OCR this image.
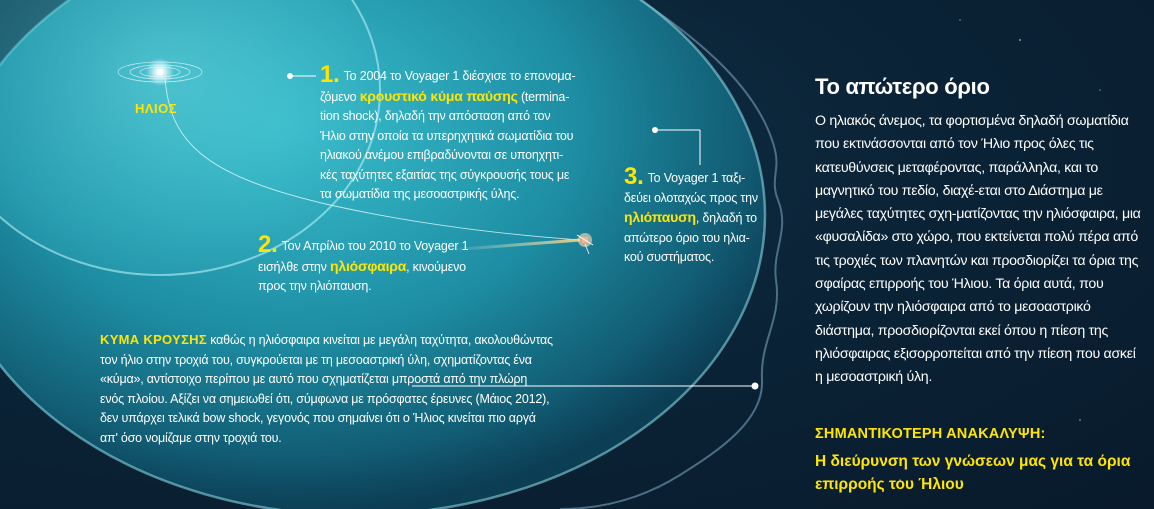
ΗΛΙΟΣ
1. Το 2004 το Voyager 1 διέσχισε το επονομα-
ζόμενο κρουστικό κύμα παύσης (termina-
tion shock), δηλαδή την απόσταση από τον
Ήλιο στην οποία τα υπερηχητικά σωματίδια του
ηλιακού ανέμου επιβραδύνονται σε υποηχητι-
κές ταχύτητες εξαιτίας της σύγκρουσής τους με
τα σωματίδια της μεσοαστρικής ύλης.
2. Τον Απρίλιο του 2010 το Voyager 1
εισήλθε στην ηλιόσφαιρα, κινούμενο
προς την ηλιόπαυση.
3. Το Voyager 1 ταξι-
δεύει ολοταχώς προς την
ηλιόπαυση, δηλαδή το
απώτερο όριο του ηλια-
κού συστήματος.
ΚΥΜΑ ΚΡΟΥΣΗΣ καθώς η ηλιόσφαιρα κινείται με μεγάλη ταχύτητα, ακολουθώντας
τον ήλιο στην τροχιά του, συγκρούεται με τη μεσοαστρική ύλη, σχηματίζοντας ένα
«κύμα», αντίστοιχο περίπου με αυτό που σχηματίζεται μπροστά από την πλώρη
ενός πλοίου. Αξίζει να σημειωθεί ότι, σύμφωνα με πρόσφατες έρευνες (Μάιος 2012),
δεν υπάρχει τελικά bow shock, γεγονός που σημαίνει ότι ο Ήλιος κινείται πιο αργά
απ' όσο νομίζαμε στην τροχιά του.
Το απώτερο όριο
Ο ηλιακός άνεμος, τα φορτισμένα δηλαδή σωματίδια που εκτινάσσονται από τον Ήλιο προς όλες τις κατευθύνσεις μεταφέροντας, παράλληλα, και το μαγνητικό του πεδίο, διαχέ-εται στο Διάστημα με μεγάλες ταχύτητες σχη-ματίζοντας την ηλιόσφαιρα, μια «φυσαλίδα» στο χώρο, που εκτείνεται πολύ πέρα από τις τροχιές των πλανητών και προσδιορίζει τα όρια της σφαίρας επιρροής του Ήλιου. Τα όρια αυτά, που χωρίζουν την ηλιόσφαιρα από το μεσοαστρικό διάστημα, προσδιορίζονται εκεί όπου η πίεση της ηλιόσφαιρας εξισορροπείται από την πίεση που ασκεί η μεσοαστρική ύλη.
ΣΗΜΑΝΤΙΚΟΤΕΡΗ ΑΝΑΚΑΛΥΨΗ:
Η διεύρυνση των γνώσεων μας για τα όρια επιρροής του Ήλιου
